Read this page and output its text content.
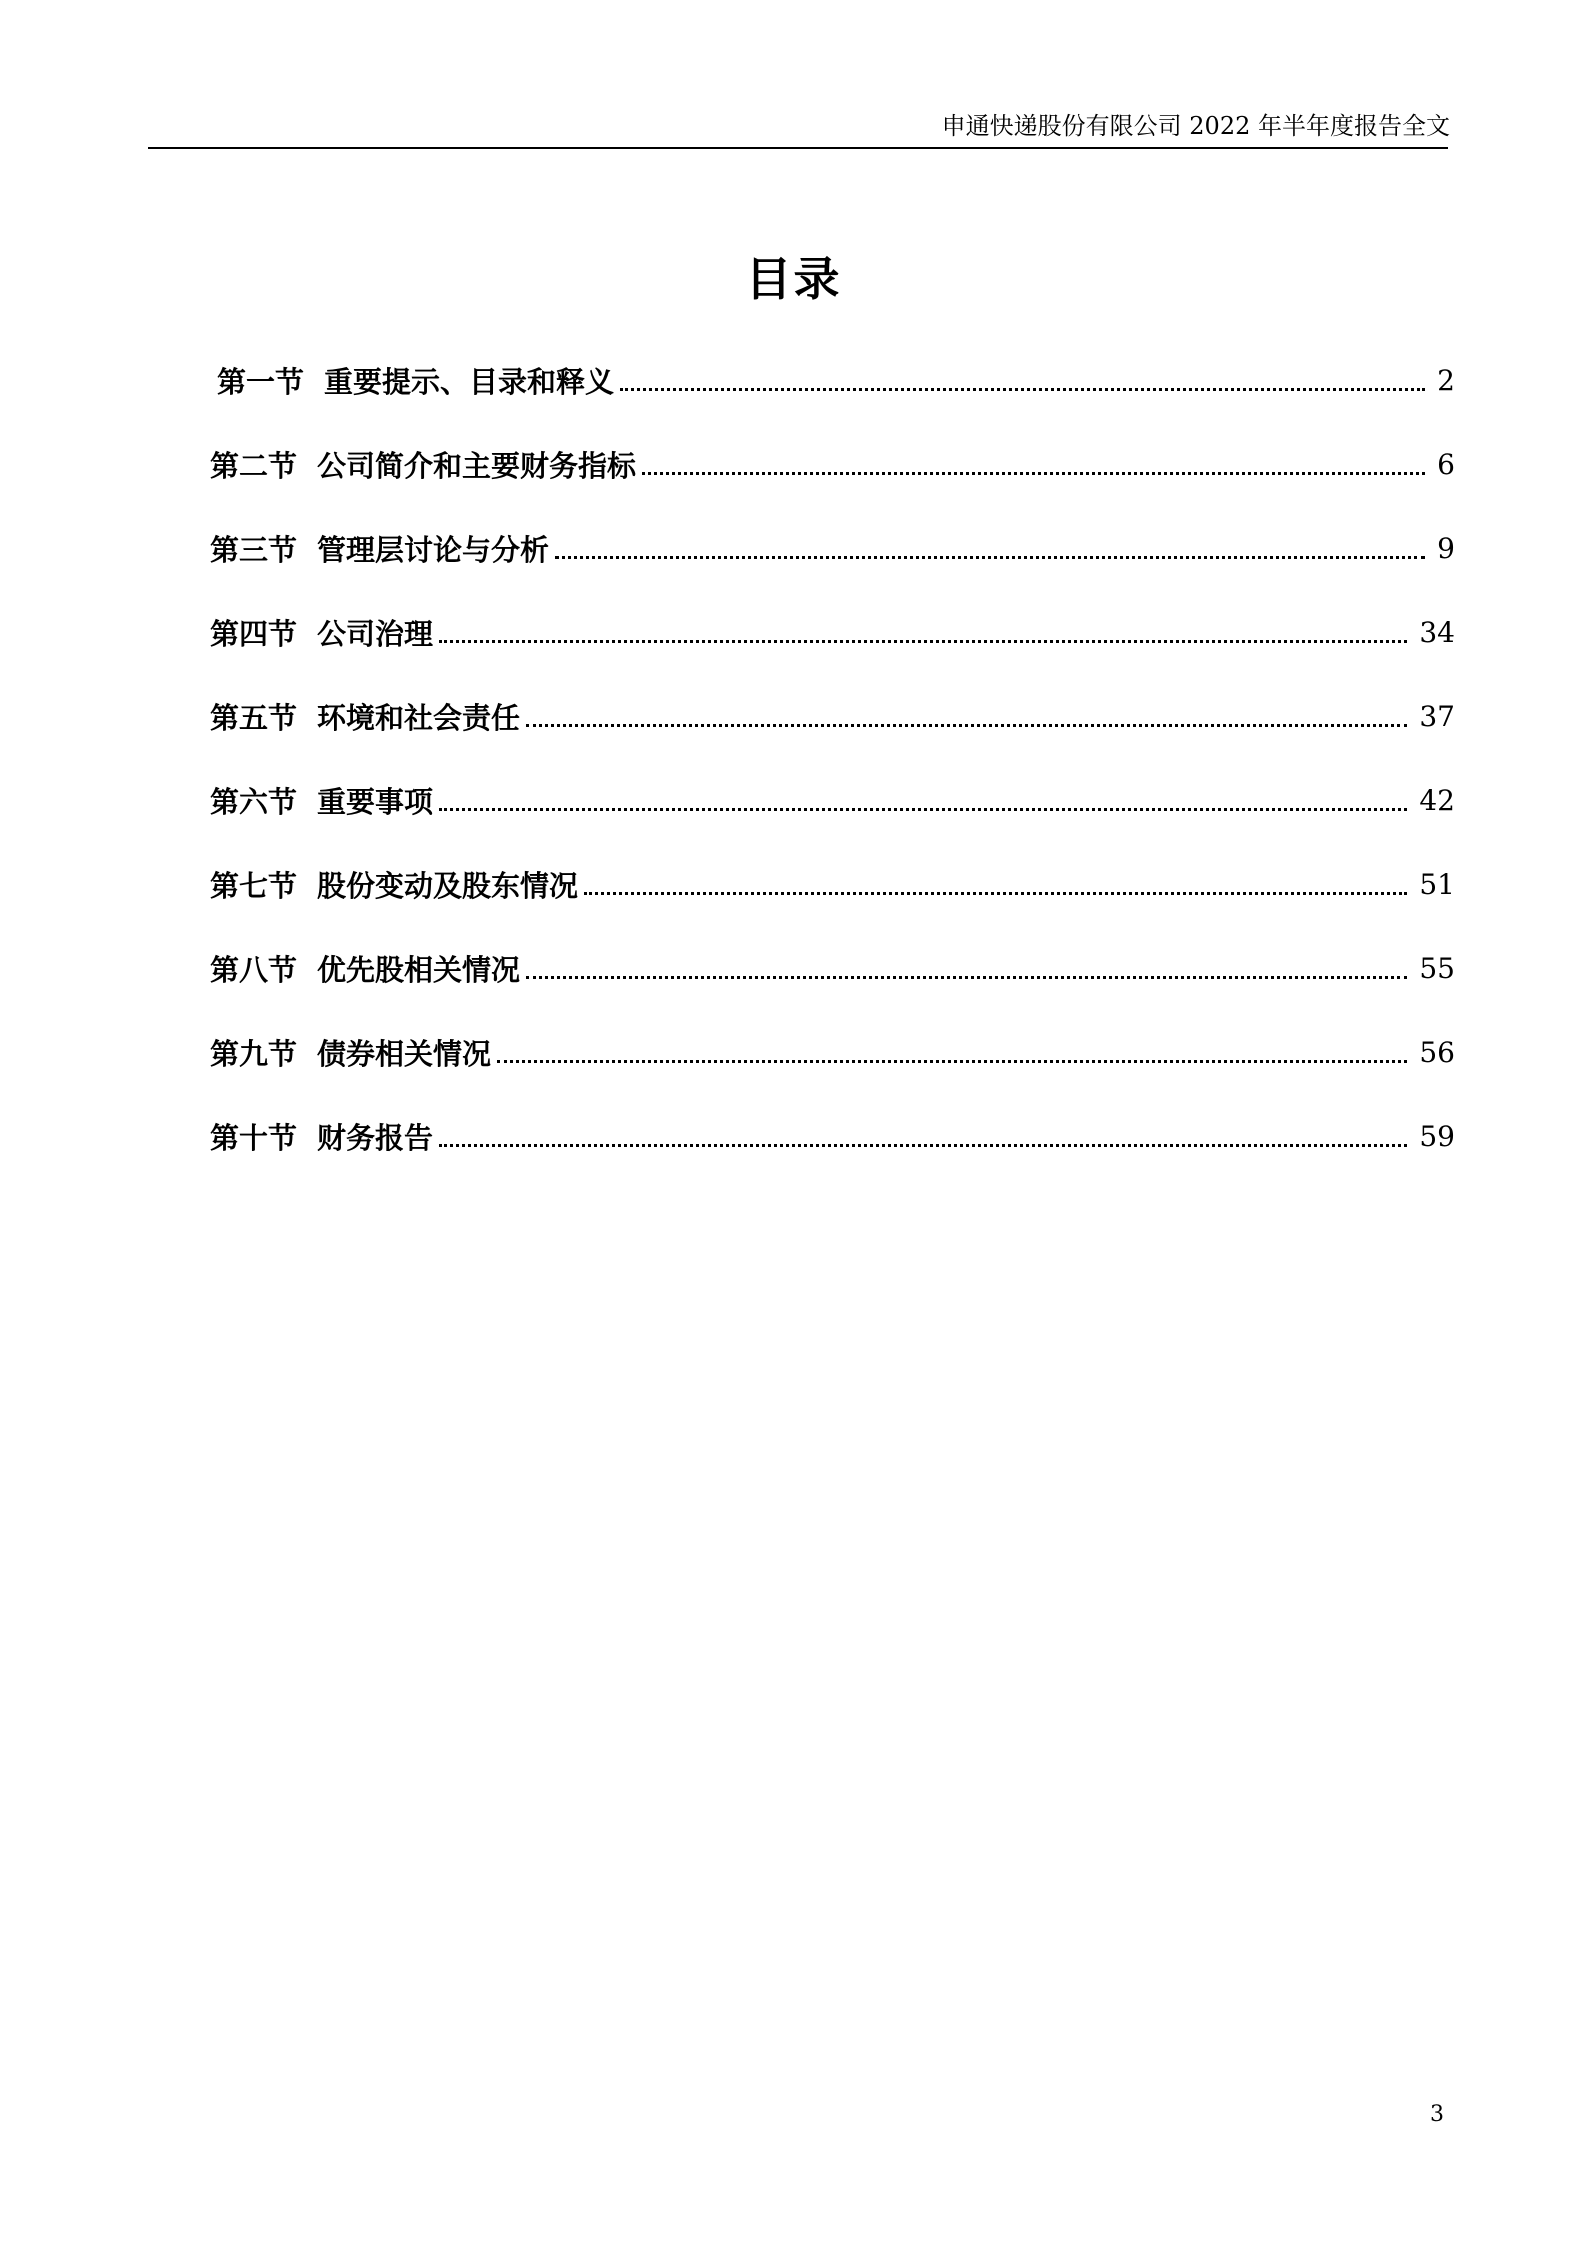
申通快递股份有限公司 2022 年半年度报告全文
目录
第一节 重要提示、目录和释义	2
第二节 公司简介和主要财务指标	6
第三节 管理层讨论与分析	9
第四节 公司治理	34
第五节 环境和社会责任	37
第六节 重要事项	42
第七节 股份变动及股东情况	51
第八节 优先股相关情况	55
第九节 债券相关情况	56
第十节 财务报告	59
3
